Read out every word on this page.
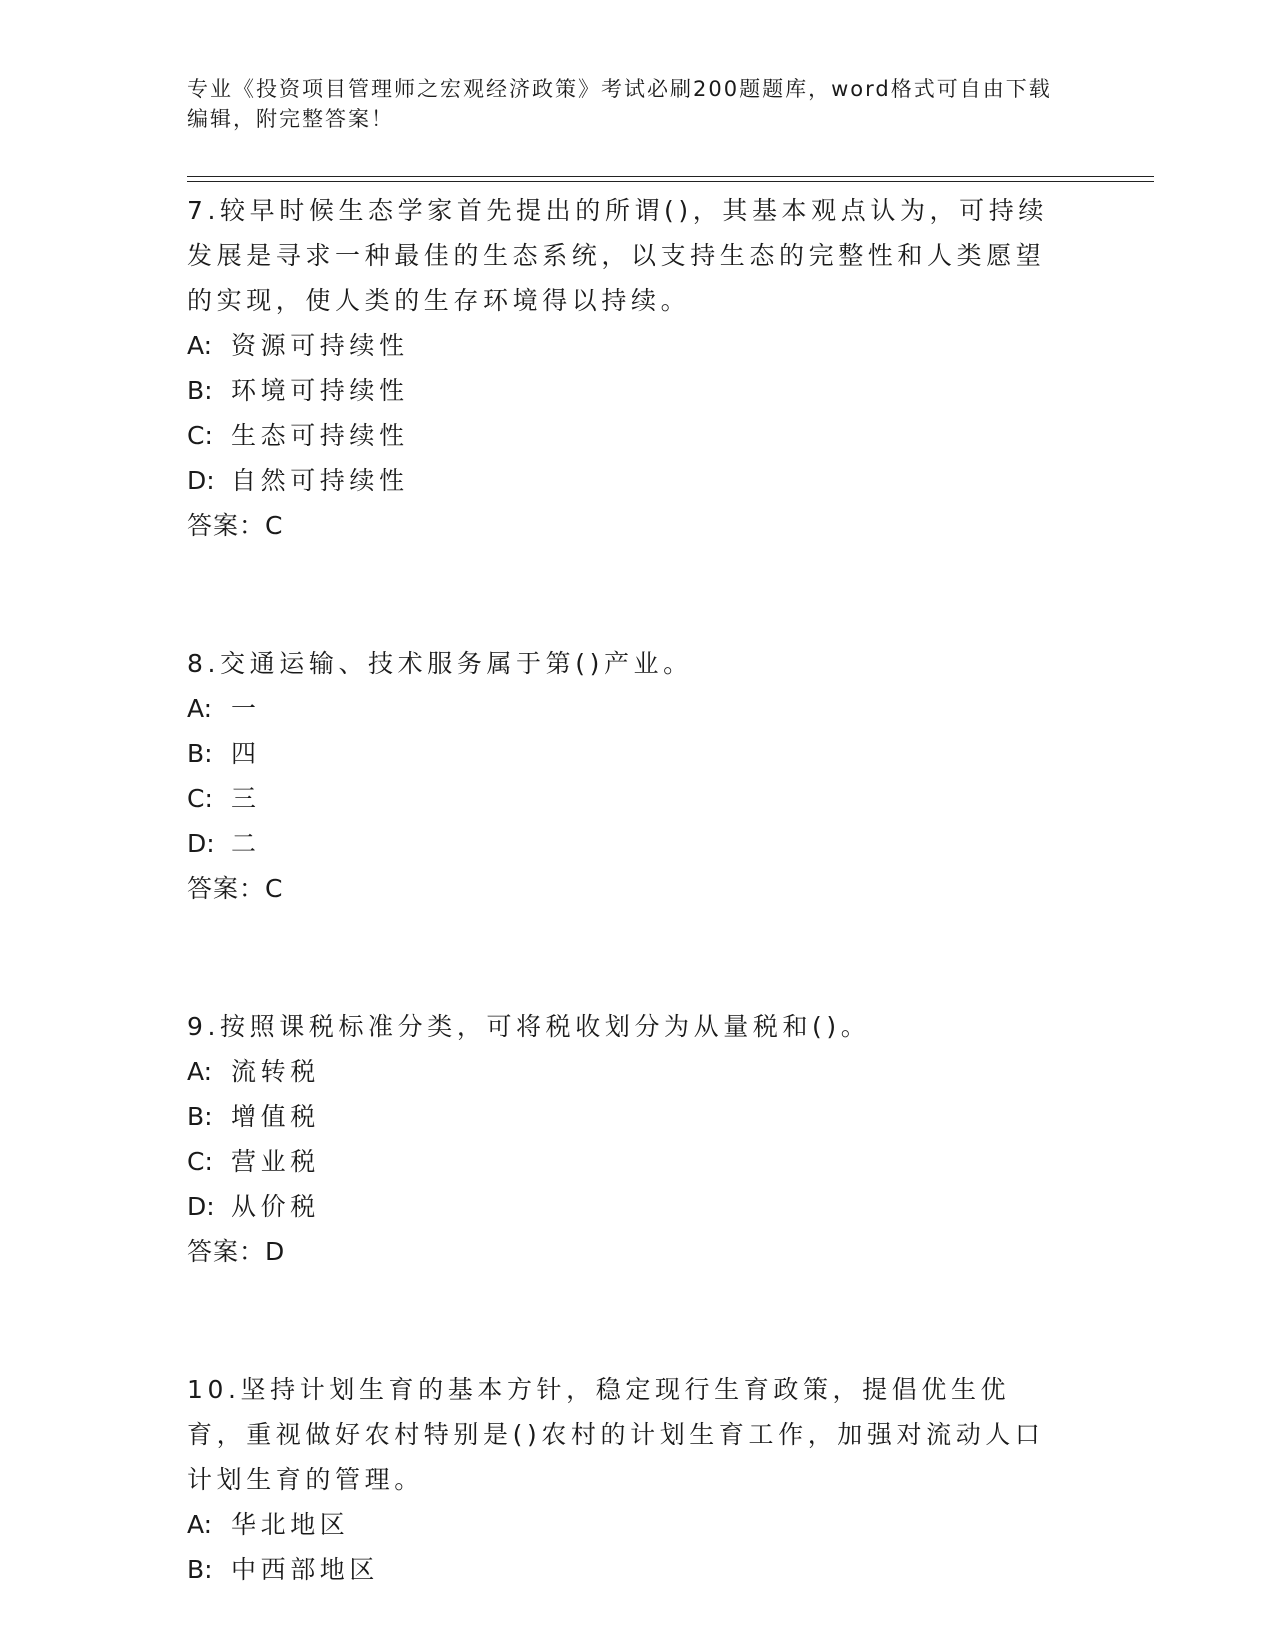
专业《投资项目管理师之宏观经济政策》考试必刷200题题库，word格式可自由下载编辑，附完整答案！
7.较早时候生态学家首先提出的所谓()，其基本观点认为，可持续发展是寻求一种最佳的生态系统，以支持生态的完整性和人类愿望的实现，使人类的生存环境得以持续。
A: 资源可持续性
B: 环境可持续性
C: 生态可持续性
D: 自然可持续性
答案：C
8.交通运输、技术服务属于第()产业。
A: 一
B: 四
C: 三
D: 二
答案：C
9.按照课税标准分类，可将税收划分为从量税和()。
A: 流转税
B: 增值税
C: 营业税
D: 从价税
答案：D
10.坚持计划生育的基本方针，稳定现行生育政策，提倡优生优育，重视做好农村特别是()农村的计划生育工作，加强对流动人口计划生育的管理。
A: 华北地区
B: 中西部地区
